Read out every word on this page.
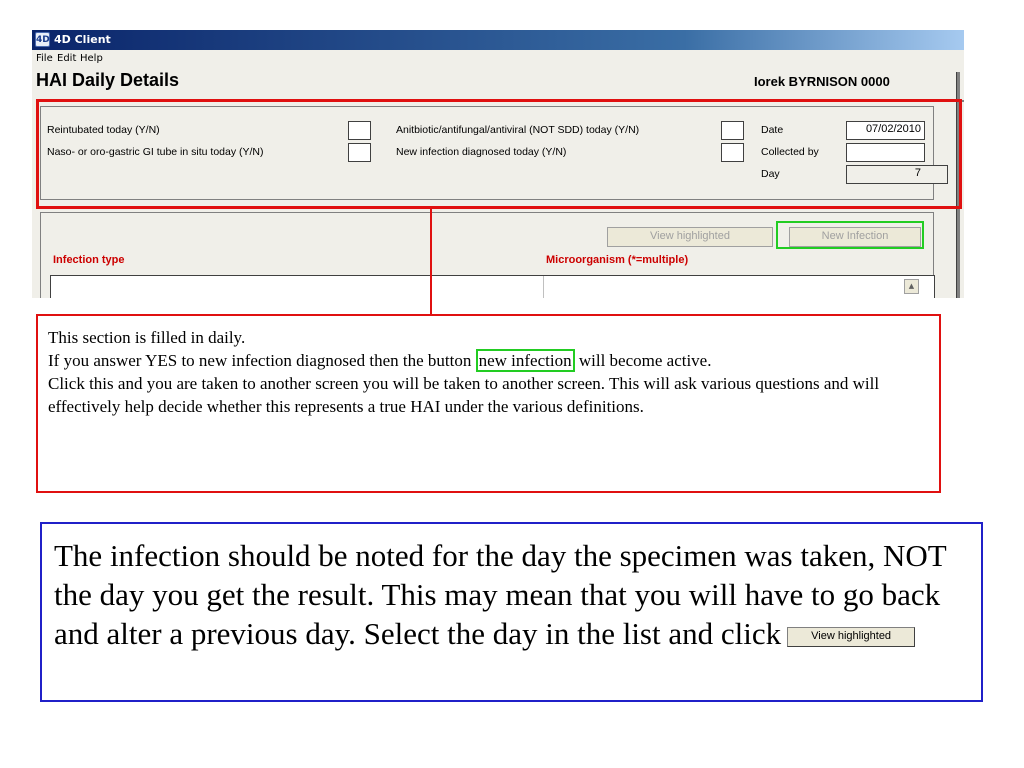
4D 4D Client
File Edit Help
HAI Daily Details	Iorek BYRNISON 0000
Reintubated today (Y/N)
Naso- or oro-gastric GI tube in situ today (Y/N)
Anitbiotic/antifungal/antiviral (NOT SDD) today (Y/N)
New infection diagnosed today (Y/N)
Date	07/02/2010
Collected by
Day	7
View highlighted	New Infection
Infection type	Microorganism (*=multiple)
▲
This section is filled in daily.
If you answer YES to new infection diagnosed then the button new infection will become active.
Click this and you are taken to another screen you will be taken to another screen. This will ask various questions and will effectively help decide whether this represents a true HAI under the various definitions.
The infection should be noted for the day the specimen was taken, NOT the day you get the result. This may mean that you will have to go back and alter a previous day. Select the day in the list and click	View highlighted
